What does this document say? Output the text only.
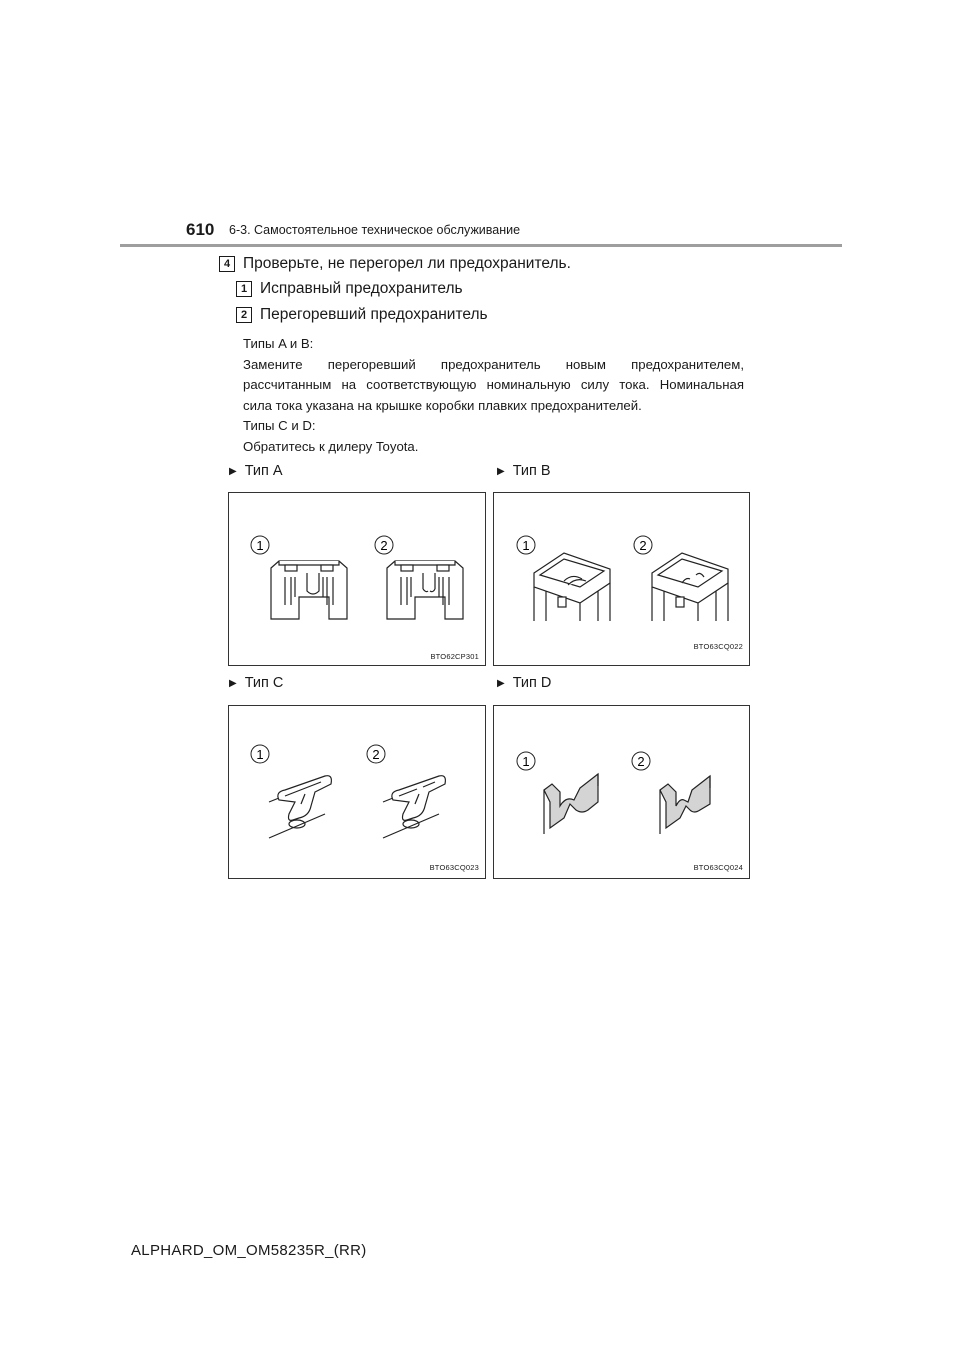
610 6-3. Самостоятельное техническое обслуживание
4 Проверьте, не перегорел ли предохранитель.
1 Исправный предохранитель
2 Перегоревший предохранитель
Типы A и B:
Замените перегоревший предохранитель новым предохранителем,
рассчитанным на соответствующую номинальную силу тока. Номинальная
сила тока указана на крышке коробки плавких предохранителей.
Типы C и D:
Обратитесь к дилеру Toyota.
▶ Тип A	▶ Тип B
▶ Тип C	▶ Тип D
1	2
BTO62CP301
1	2
BTO63CQ022
1	2
BTO63CQ023
1	2
BTO63CQ024
ALPHARD_OM_OM58235R_(RR)
